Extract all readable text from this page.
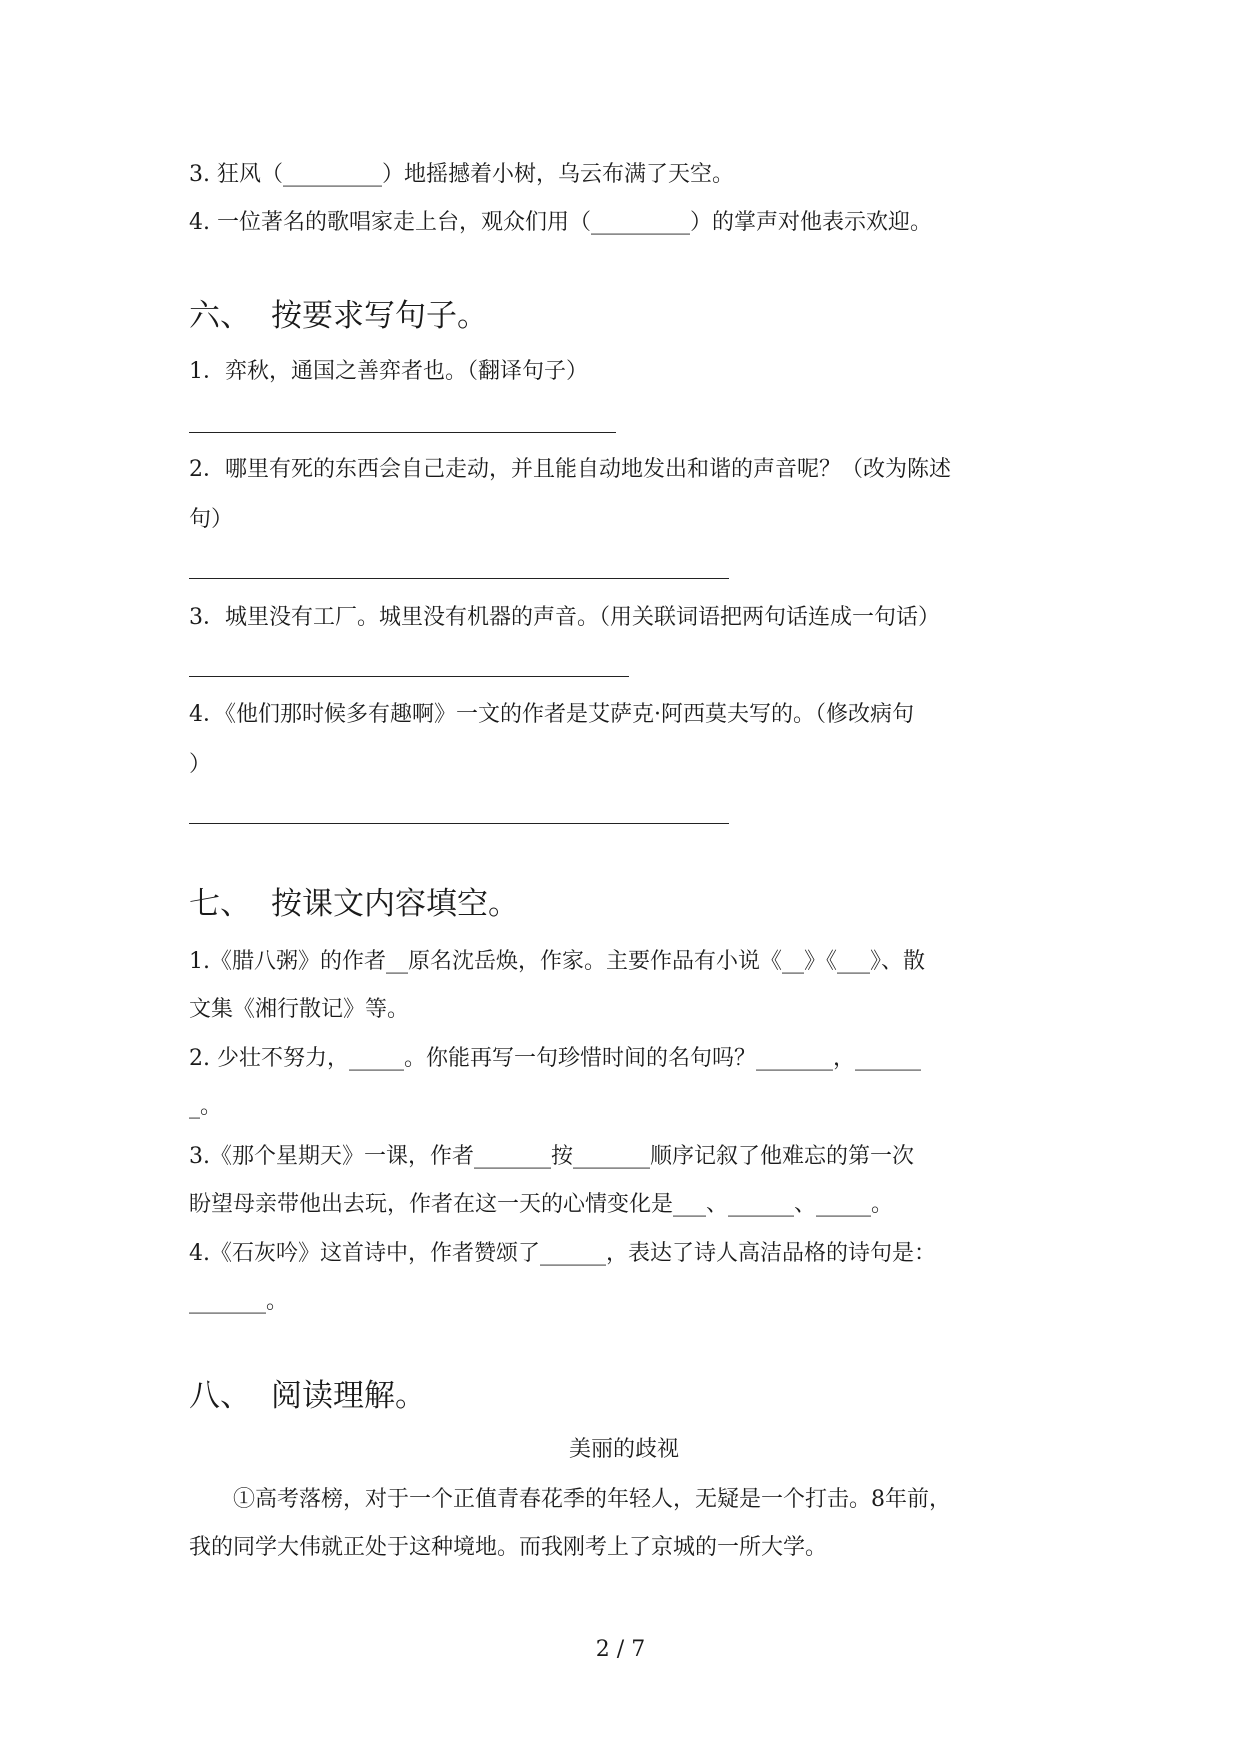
3. 狂风（_________）地摇撼着小树，乌云布满了天空。
4. 一位著名的歌唱家走上台，观众们用（_________）的掌声对他表示欢迎。
六、 按要求写句子。
1．弈秋，通国之善弈者也。（翻译句子）
2．哪里有死的东西会自己走动，并且能自动地发出和谐的声音呢？（改为陈述
句）
3．城里没有工厂。城里没有机器的声音。（用关联词语把两句话连成一句话）
4．《他们那时候多有趣啊》一文的作者是艾萨克·阿西莫夫写的。（修改病句
）
七、 按课文内容填空。
1.《腊八粥》的作者__原名沈岳焕，作家。主要作品有小说《__》《___》、散
文集《湘行散记》等。
2. 少壮不努力，_____。你能再写一句珍惜时间的名句吗？_______，______
_。
3.《那个星期天》一课，作者_______按_______顺序记叙了他难忘的第一次
盼望母亲带他出去玩，作者在这一天的心情变化是___、______、_____。
4.《石灰吟》这首诗中，作者赞颂了______，表达了诗人高洁品格的诗句是：
_______。
八、 阅读理解。
美丽的歧视
①高考落榜，对于一个正值青春花季的年轻人，无疑是一个打击。8年前，
我的同学大伟就正处于这种境地。而我刚考上了京城的一所大学。
2 / 7
